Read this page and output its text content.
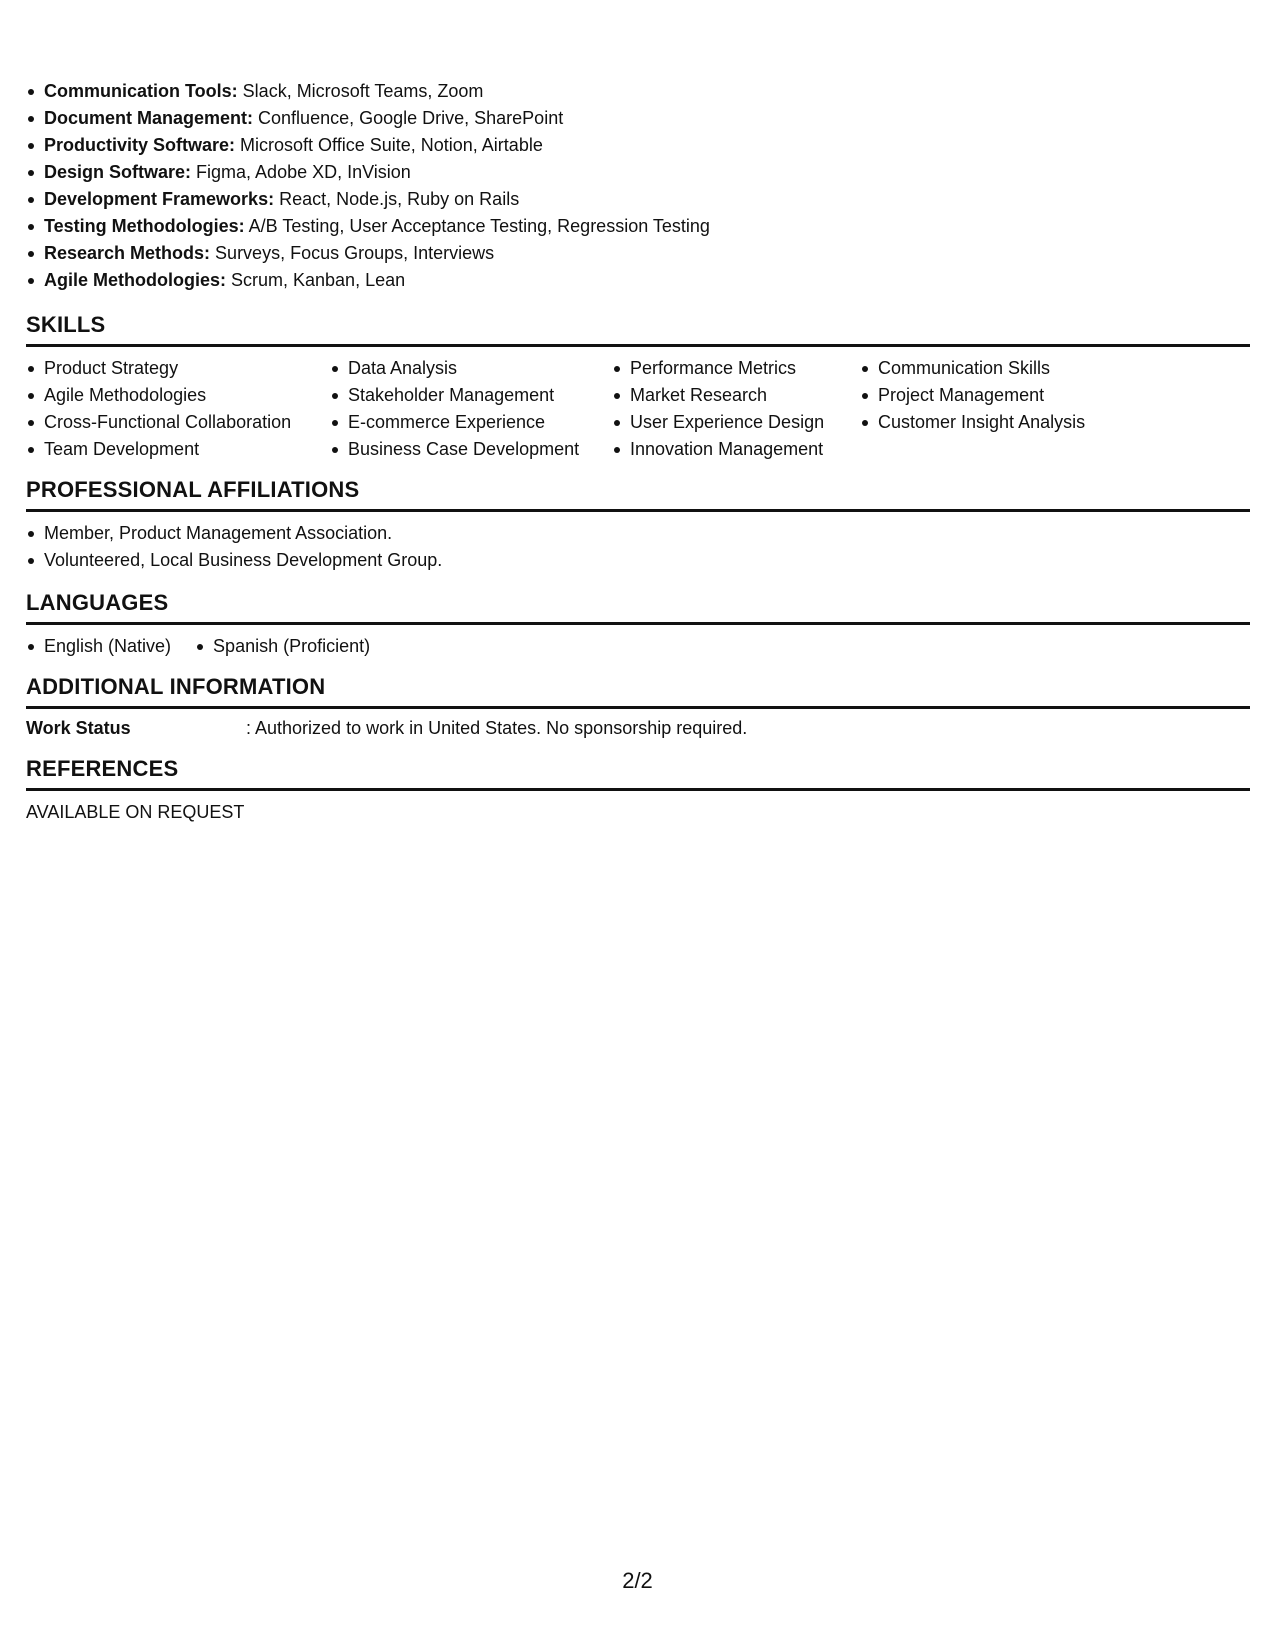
Communication Tools: Slack, Microsoft Teams, Zoom
Document Management: Confluence, Google Drive, SharePoint
Productivity Software: Microsoft Office Suite, Notion, Airtable
Design Software: Figma, Adobe XD, InVision
Development Frameworks: React, Node.js, Ruby on Rails
Testing Methodologies: A/B Testing, User Acceptance Testing, Regression Testing
Research Methods: Surveys, Focus Groups, Interviews
Agile Methodologies: Scrum, Kanban, Lean
SKILLS
Product Strategy
Agile Methodologies
Cross-Functional Collaboration
Team Development
Data Analysis
Stakeholder Management
E-commerce Experience
Business Case Development
Performance Metrics
Market Research
User Experience Design
Innovation Management
Communication Skills
Project Management
Customer Insight Analysis
PROFESSIONAL AFFILIATIONS
Member, Product Management Association.
Volunteered, Local Business Development Group.
LANGUAGES
English (Native)	Spanish (Proficient)
ADDITIONAL INFORMATION
Work Status	: Authorized to work in United States. No sponsorship required.
REFERENCES
AVAILABLE ON REQUEST
2/2
